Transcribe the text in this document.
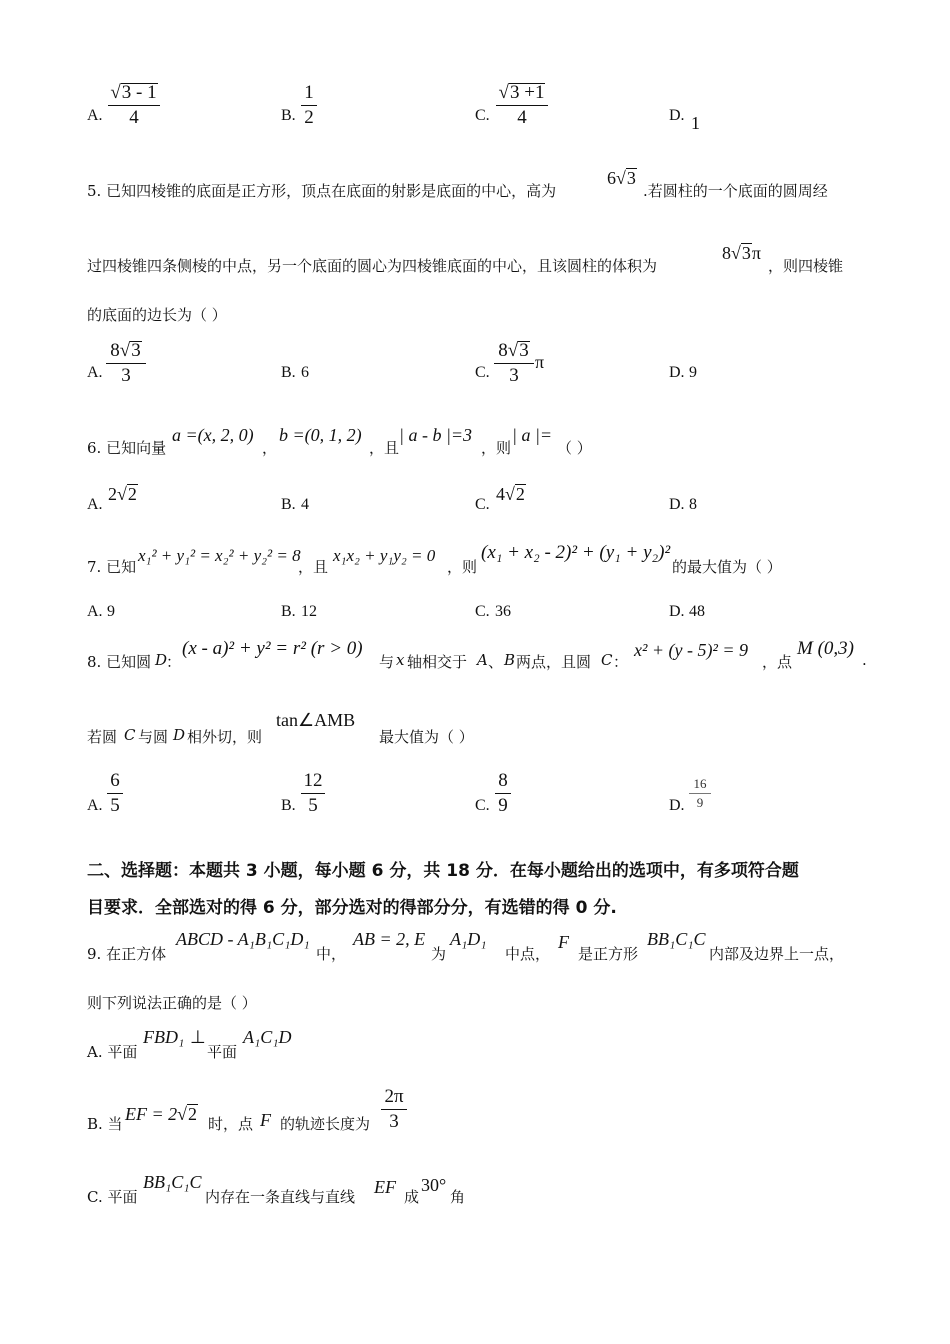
A.
√3 - 1
4	B.
1
2	C.
√3 +1
4	D. 1
5. 已知四棱锥的底面是正方形，顶点在底面的射影是底面的中心，高为
6√3
.若圆柱的一个底面的圆周经
过四棱锥四条侧棱的中点，另一个底面的圆心为四棱锥底面的中心，且该圆柱的体积为
8√3π
，则四棱锥
的底面的边长为（ ）
A.
8√3
3	B. 6	C.
8√3
3
π
D. 9
6. 已知向量
a =(x, 2, 0)
，
b =(0, 1, 2)
，且
| a - b |=3
，则
| a |=
（ ）
A.
2√2
B. 4	C.
4√2
D. 8
7. 已知
x₁² + y₁² = x₂² + y₂² = 8
，且
x₁x₂ + y₁y₂ = 0
，则
(x₁ + x₂ - 2)² + (y₁ + y₂)²
的最大值为（ ）
A. 9	B. 12	C. 36	D. 48
8. 已知圆 D
：
(x - a)² + y² = r² (r > 0)
与 x 轴相交于 A 、 B 两点，且圆 C ：
x² + (y - 5)² = 9
，点
M (0,3)
.
若圆 C 与圆 D 相外切，则
tan∠AMB
最大值为（ ）
A.
6
5	B.
12
5	C.
8
9	D.
16
9
二、选择题：本题共 3 小题，每小题 6 分，共 18 分．在每小题给出的选项中，有多项符合题
目要求．全部选对的得 6 分，部分选对的得部分分，有选错的得 0 分.
9. 在正方体
ABCD - A₁B₁C₁D₁
中，
AB = 2, E
为
A₁D₁
中点，
F
是正方形
BB₁C₁C
内部及边界上一点，
则下列说法正确的是（ ）
A. 平面
FBD₁ ⊥
平面
A₁C₁D
B. 当 EF = 2√2 时，点 F 的轨迹长度为
2π
3
C. 平面
BB₁C₁C
内存在一条直线与直线 EF 成
30°
角
